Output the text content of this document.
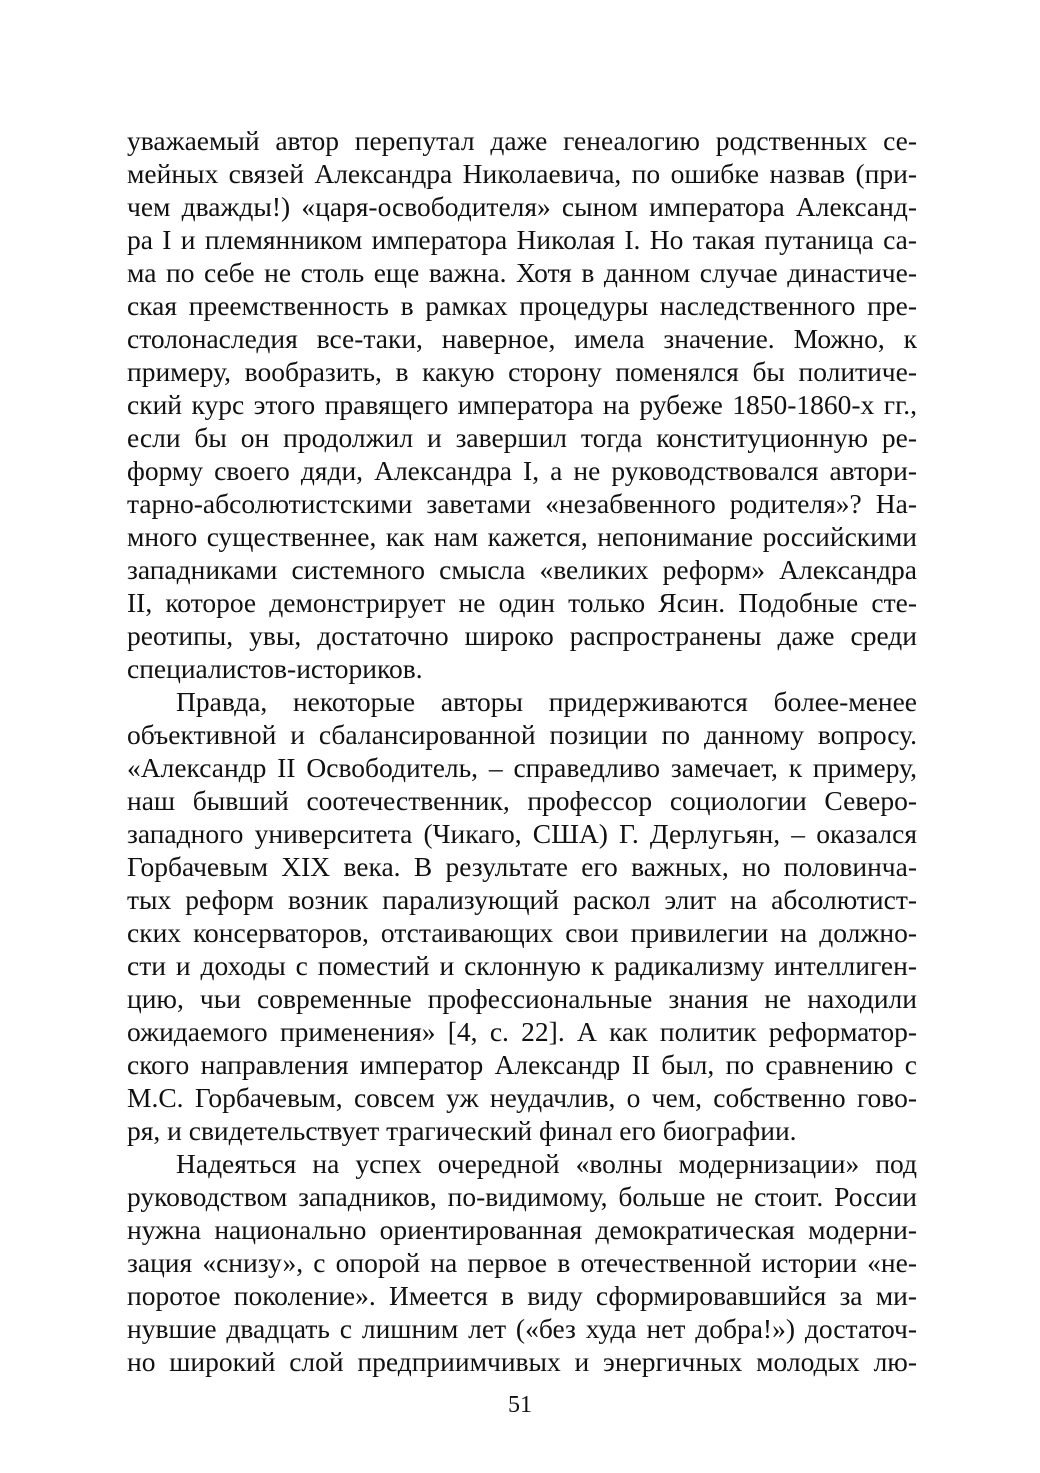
уважаемый автор перепутал даже генеалогию родственных се-
мейных связей Александра Николаевича, по ошибке назвав (при-
чем дважды!) «царя-освободителя» сыном императора Александ-
ра I и племянником императора Николая I. Но такая путаница са-
ма по себе не столь еще важна. Хотя в данном случае династиче-
ская преемственность в рамках процедуры наследственного пре-
столонаследия все-таки, наверное, имела значение. Можно, к
примеру, вообразить, в какую сторону поменялся бы политиче-
ский курс этого правящего императора на рубеже 1850-1860-х гг.,
если бы он продолжил и завершил тогда конституционную ре-
форму своего дяди, Александра I, а не руководствовался автори-
тарно-абсолютистскими заветами «незабвенного родителя»? На-
много существеннее, как нам кажется, непонимание российскими
западниками системного смысла «великих реформ» Александра
II, которое демонстрирует не один только Ясин. Подобные сте-
реотипы, увы, достаточно широко распространены даже среди
специалистов-историков.
Правда, некоторые авторы придерживаются более-менее
объективной и сбалансированной позиции по данному вопросу.
«Александр II Освободитель, – справедливо замечает, к примеру,
наш бывший соотечественник, профессор социологии Северо-
западного университета (Чикаго, США) Г. Дерлугьян, – оказался
Горбачевым XIX века. В результате его важных, но половинча-
тых реформ возник парализующий раскол элит на абсолютист-
ских консерваторов, отстаивающих свои привилегии на должно-
сти и доходы с поместий и склонную к радикализму интеллиген-
цию, чьи современные профессиональные знания не находили
ожидаемого применения» [4, с. 22]. А как политик реформатор-
ского направления император Александр II был, по сравнению с
М.С. Горбачевым, совсем уж неудачлив, о чем, собственно гово-
ря, и свидетельствует трагический финал его биографии.
Надеяться на успех очередной «волны модернизации» под
руководством западников, по-видимому, больше не стоит. России
нужна национально ориентированная демократическая модерни-
зация «снизу», с опорой на первое в отечественной истории «не-
поротое поколение». Имеется в виду сформировавшийся за ми-
нувшие двадцать с лишним лет («без худа нет добра!») достаточ-
но широкий слой предприимчивых и энергичных молодых лю-
51
